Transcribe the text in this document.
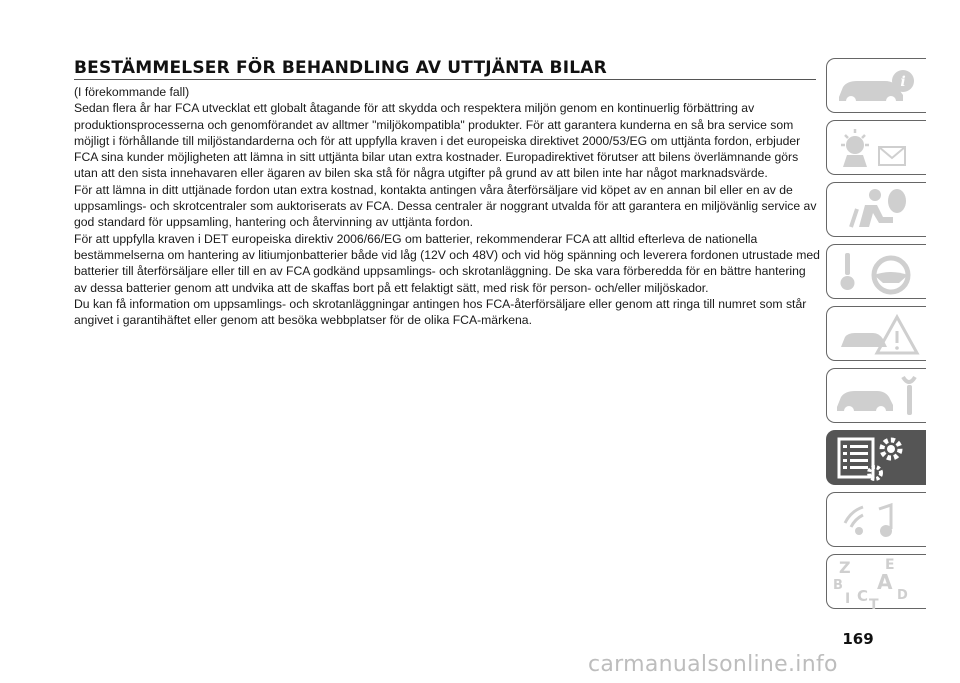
BESTÄMMELSER FÖR BEHANDLING AV UTTJÄNTA BILAR

(I förekommande fall)

Sedan flera år har FCA utvecklat ett globalt åtagande för att skydda och respektera miljön genom en kontinuerlig förbättring av produktionsprocesserna och genomförandet av alltmer "miljökompatibla" produkter. För att garantera kunderna en så bra service som möjligt i förhållande till miljöstandarderna och för att uppfylla kraven i det europeiska direktivet 2000/53/EG om uttjänta fordon, erbjuder FCA sina kunder möjligheten att lämna in sitt uttjänta bilar utan extra kostnader. Europadirektivet förutser att bilens överlämnande görs utan att den sista innehavaren eller ägaren av bilen ska stå för några utgifter på grund av att bilen inte har något marknadsvärde.

För att lämna in ditt uttjänade fordon utan extra kostnad, kontakta antingen våra återförsäljare vid köpet av en annan bil eller en av de uppsamlings- och skrotcentraler som auktoriserats av FCA. Dessa centraler är noggrant utvalda för att garantera en miljövänlig service av god standard för uppsamling, hantering och återvinning av uttjänta fordon.

För att uppfylla kraven i DET europeiska direktiv 2006/66/EG om batterier, rekommenderar FCA att alltid efterleva de nationella bestämmelserna om hantering av litiumjonbatterier både vid låg (12V och 48V) och vid hög spänning och leverera fordonen utrustade med batterier till återförsäljare eller till en av FCA godkänd uppsamlings- och skrotanläggning. De ska vara förberedda för en bättre hantering av dessa batterier genom att undvika att de skaffas bort på ett felaktigt sätt, med risk för person- och/eller miljöskador.

Du kan få information om uppsamlings- och skrotanläggningar antingen hos FCA-återförsäljare eller genom att ringa till numret som står angivet i garantihäftet eller genom att besöka webbplatser för de olika FCA-märkena.

i
Z E
B A
I C T
D
169
carmanualsonline.info
